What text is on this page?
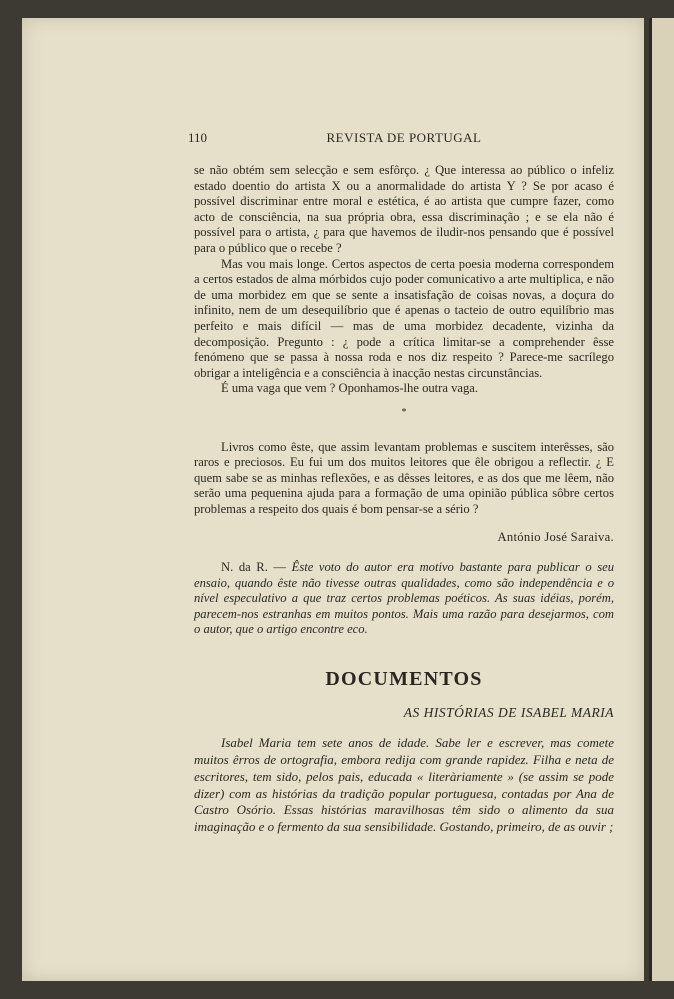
110	REVISTA DE PORTUGAL

se não obtém sem selecção e sem esfôrço. ¿ Que interessa ao público o infeliz estado doentio do artista X ou a anormalidade do artista Y ? Se por acaso é possível discriminar entre moral e estética, é ao artista que cumpre fazer, como acto de consciência, na sua própria obra, essa discriminação ; e se ela não é possível para o artista, ¿ para que havemos de iludir-nos pensando que é possível para o público que o recebe ?

Mas vou mais longe. Certos aspectos de certa poesia moderna correspondem a certos estados de alma mórbidos cujo poder comunicativo a arte multiplica, e não de uma morbidez em que se sente a insatisfação de coisas novas, a doçura do infinito, nem de um desequilíbrio que é apenas o tacteio de outro equilíbrio mas perfeito e mais difícil — mas de uma morbidez decadente, vizinha da decomposição. Pregunto : ¿ pode a crítica limitar-se a comprehender êsse fenómeno que se passa à nossa roda e nos diz respeito ? Parece-me sacrílego obrigar a inteligência e a consciência à inacção nestas circunstâncias.

É uma vaga que vem ? Oponhamos-lhe outra vaga.

*

Livros como êste, que assim levantam problemas e suscitem interêsses, são raros e preciosos. Eu fui um dos muitos leitores que êle obrigou a reflectir. ¿ E quem sabe se as minhas reflexões, e as dêsses leitores, e as dos que me lêem, não serão uma pequenina ajuda para a formação de uma opinião pública sôbre certos problemas a respeito dos quais é bom pensar-se a sério ?

António José Saraiva.

N. da R. — Êste voto do autor era motivo bastante para publicar o seu ensaio, quando êste não tivesse outras qualidades, como são independência e o nível especulativo a que traz certos problemas poéticos. As suas idéias, porém, parecem-nos estranhas em muitos pontos. Mais uma razão para desejarmos, com o autor, que o artigo encontre eco.

DOCUMENTOS
AS HISTÓRIAS DE ISABEL MARIA

Isabel Maria tem sete anos de idade. Sabe ler e escrever, mas comete muitos êrros de ortografia, embora redija com grande rapidez. Filha e neta de escritores, tem sido, pelos pais, educada « literàriamente » (se assim se pode dizer) com as histórias da tradição popular portuguesa, contadas por Ana de Castro Osório. Essas histórias maravilhosas têm sido o alimento da sua imaginação e o fermento da sua sensibilidade. Gostando, primeiro, de as ouvir ;
